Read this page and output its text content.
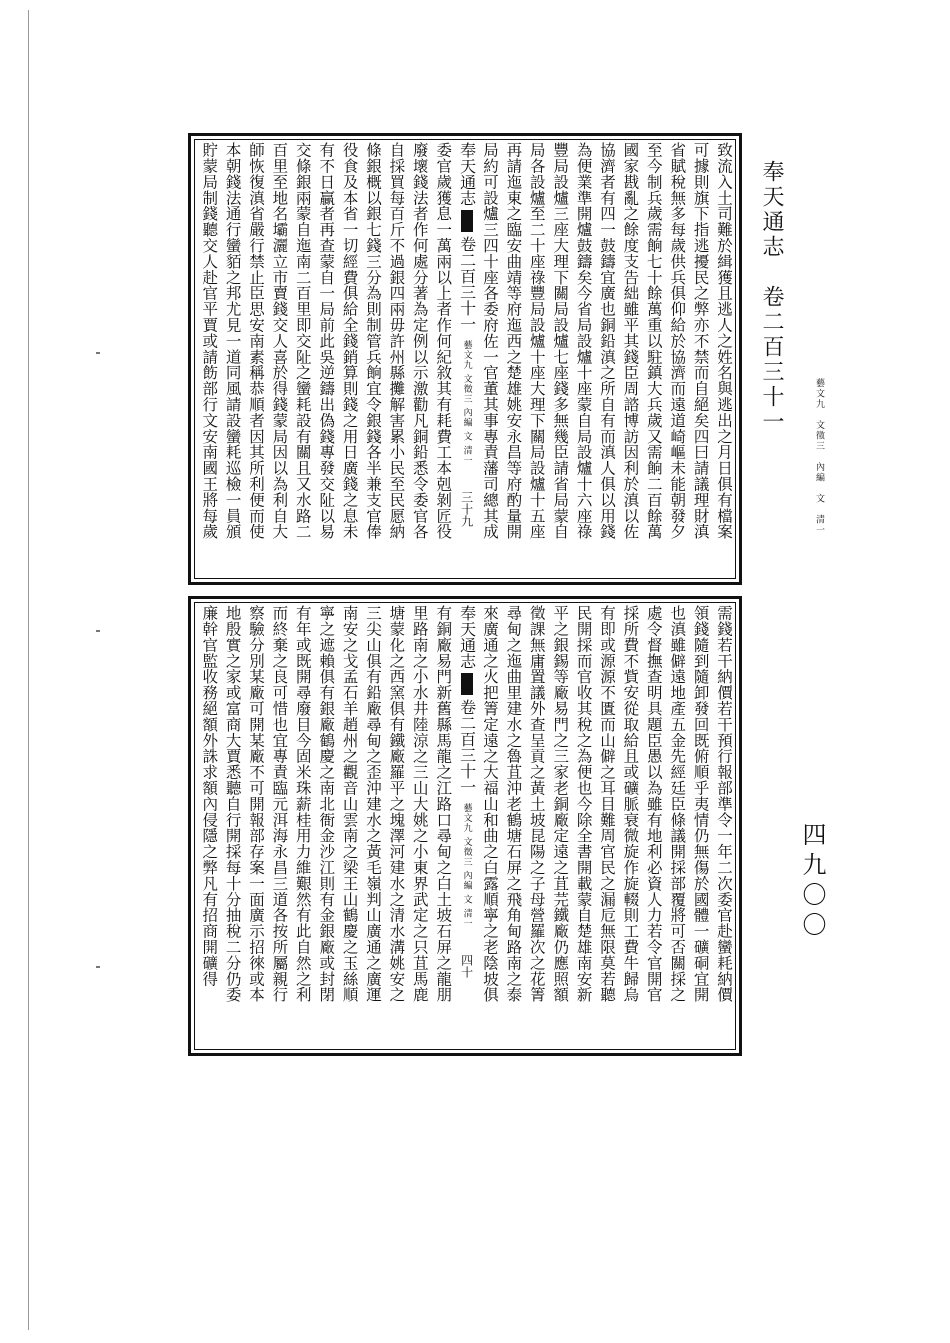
奉天通志　卷二百三十一
藝文九　文徵三　內編　文　清一
四九〇〇
致流入土司難於緝獲且逃人之姓名與逃出之月日俱有檔案
可據則旗下指逃擾民之弊亦不禁而自絕矣四曰請議理財滇
省賦稅無多每歲供兵俱仰給於協濟而遠道崎嶇未能朝發夕
至今制兵歲需餉七十餘萬重以駐鎮大兵歲又需餉二百餘萬
國家戡亂之餘度支告絀雖平其錢臣周諮博訪因利於滇以佐
協濟者有四一鼓鑄宜廣也銅鉛滇之所自有而滇人俱以用錢
為便業準開爐鼓鑄矣今省局設爐十座蒙自局設爐十六座祿
豐局設爐三座大理下關局設爐七座錢多無幾臣請省局蒙自
局各設爐至二十座祿豐局設爐十座大理下關局設爐十五座
再請迤東之臨安曲靖等府迤西之楚雄姚安永昌等府酌量開
局約可設爐三四十座各委府佐一官董其事專責藩司總其成
奉天通志卷二百三十一藝文九 文徵三 內編 文 清一三十九
委官歲獲息一萬兩以上者作何紀敘其有耗費工本剋剝匠役
廢壞錢法者作何處分著為定例以示激勸凡銅鉛悉令委官各
自採買每百斤不過銀四兩毋許州縣攤解害累小民至民愿納
條銀概以銀七錢三分為則制管兵餉宜令銀錢各半兼支官俸
役食及本省一切經費俱給全錢銷算則錢之用日廣錢之息未
有不日贏者再查蒙自一局前此吳逆鑄出偽錢專發交阯以易
交條銀兩蒙自迤南二百里即交阯之蠻耗設有關且又水路二
百里至地名壩灑立市賣錢交人喜於得錢蒙局因以為利自大
師恢復滇省嚴行禁止臣思安南素稱恭順者因其所利便而使
本朝錢法通行蠻貊之邦尤見一道同風請設蠻耗巡檢一員頒
貯蒙局制錢聽交人赴官平賈或請飭部行文安南國王將每歲
需錢若干納價若干預行報部準令一年二次委官赴蠻耗納價
領錢隨到隨卸發回既俯順乎夷情仍無傷於國體一礦硐宜開
也滇雖僻遠地產五金先經廷臣條議開採部覆將可否關採之
處令督撫查明具題臣愚以為雖有地利必資人力若令官開官
採所費不貲安從取給且或礦脈衰微旋作旋輟則工費牛歸烏
有即或源源不匱而山僻之耳目難周官民之漏卮無限莫若聽
民開採而官收其稅之為便也今除全書開載蒙自楚雄南安新
平之銀錫等廠易門之三家老銅廠定遠之苴芫鐵廠仍應照額
徵課無庸置議外查呈貢之黃土坡昆陽之子母營羅次之花箐
尋甸之迤曲里建水之魯苴沖老鶴塘石屏之飛角甸路南之泰
來廣通之火把箐定遠之大福山和曲之白露順寧之老陰坡俱
奉天通志卷二百三十一藝文九 文徵三 內編 文 清一四十
有銅廠易門新舊縣馬龍之江路口尋甸之白土坡石屏之龍朋
里路南之小水井陸涼之三山大姚之小東界武定之只苴馬鹿
塘蒙化之西窯俱有鐵廠羅平之塊澤河建水之清水溝姚安之
三尖山俱有鉛廠尋甸之歪沖建水之黃毛嶺判山廣通之廣運
南安之戈孟石羊趙州之觀音山雲南之梁王山鶴慶之玉絲順
寧之遮賴俱有銀廠鶴慶之南北衙金沙江則有金銀廠或封閉
有年或既開尋廢目今固米珠薪桂用力維艱然有此自然之利
而終棄之良可惜也宜專責臨元洱海永昌三道各按所屬親行
察驗分別某廠可開某廠不可開報部存案一面廣示招徠或本
地殷實之家或富商大賈悉聽自行開採每十分抽稅二分仍委
廉幹官監收務絕額外誅求額內侵隱之弊凡有招商開礦得
